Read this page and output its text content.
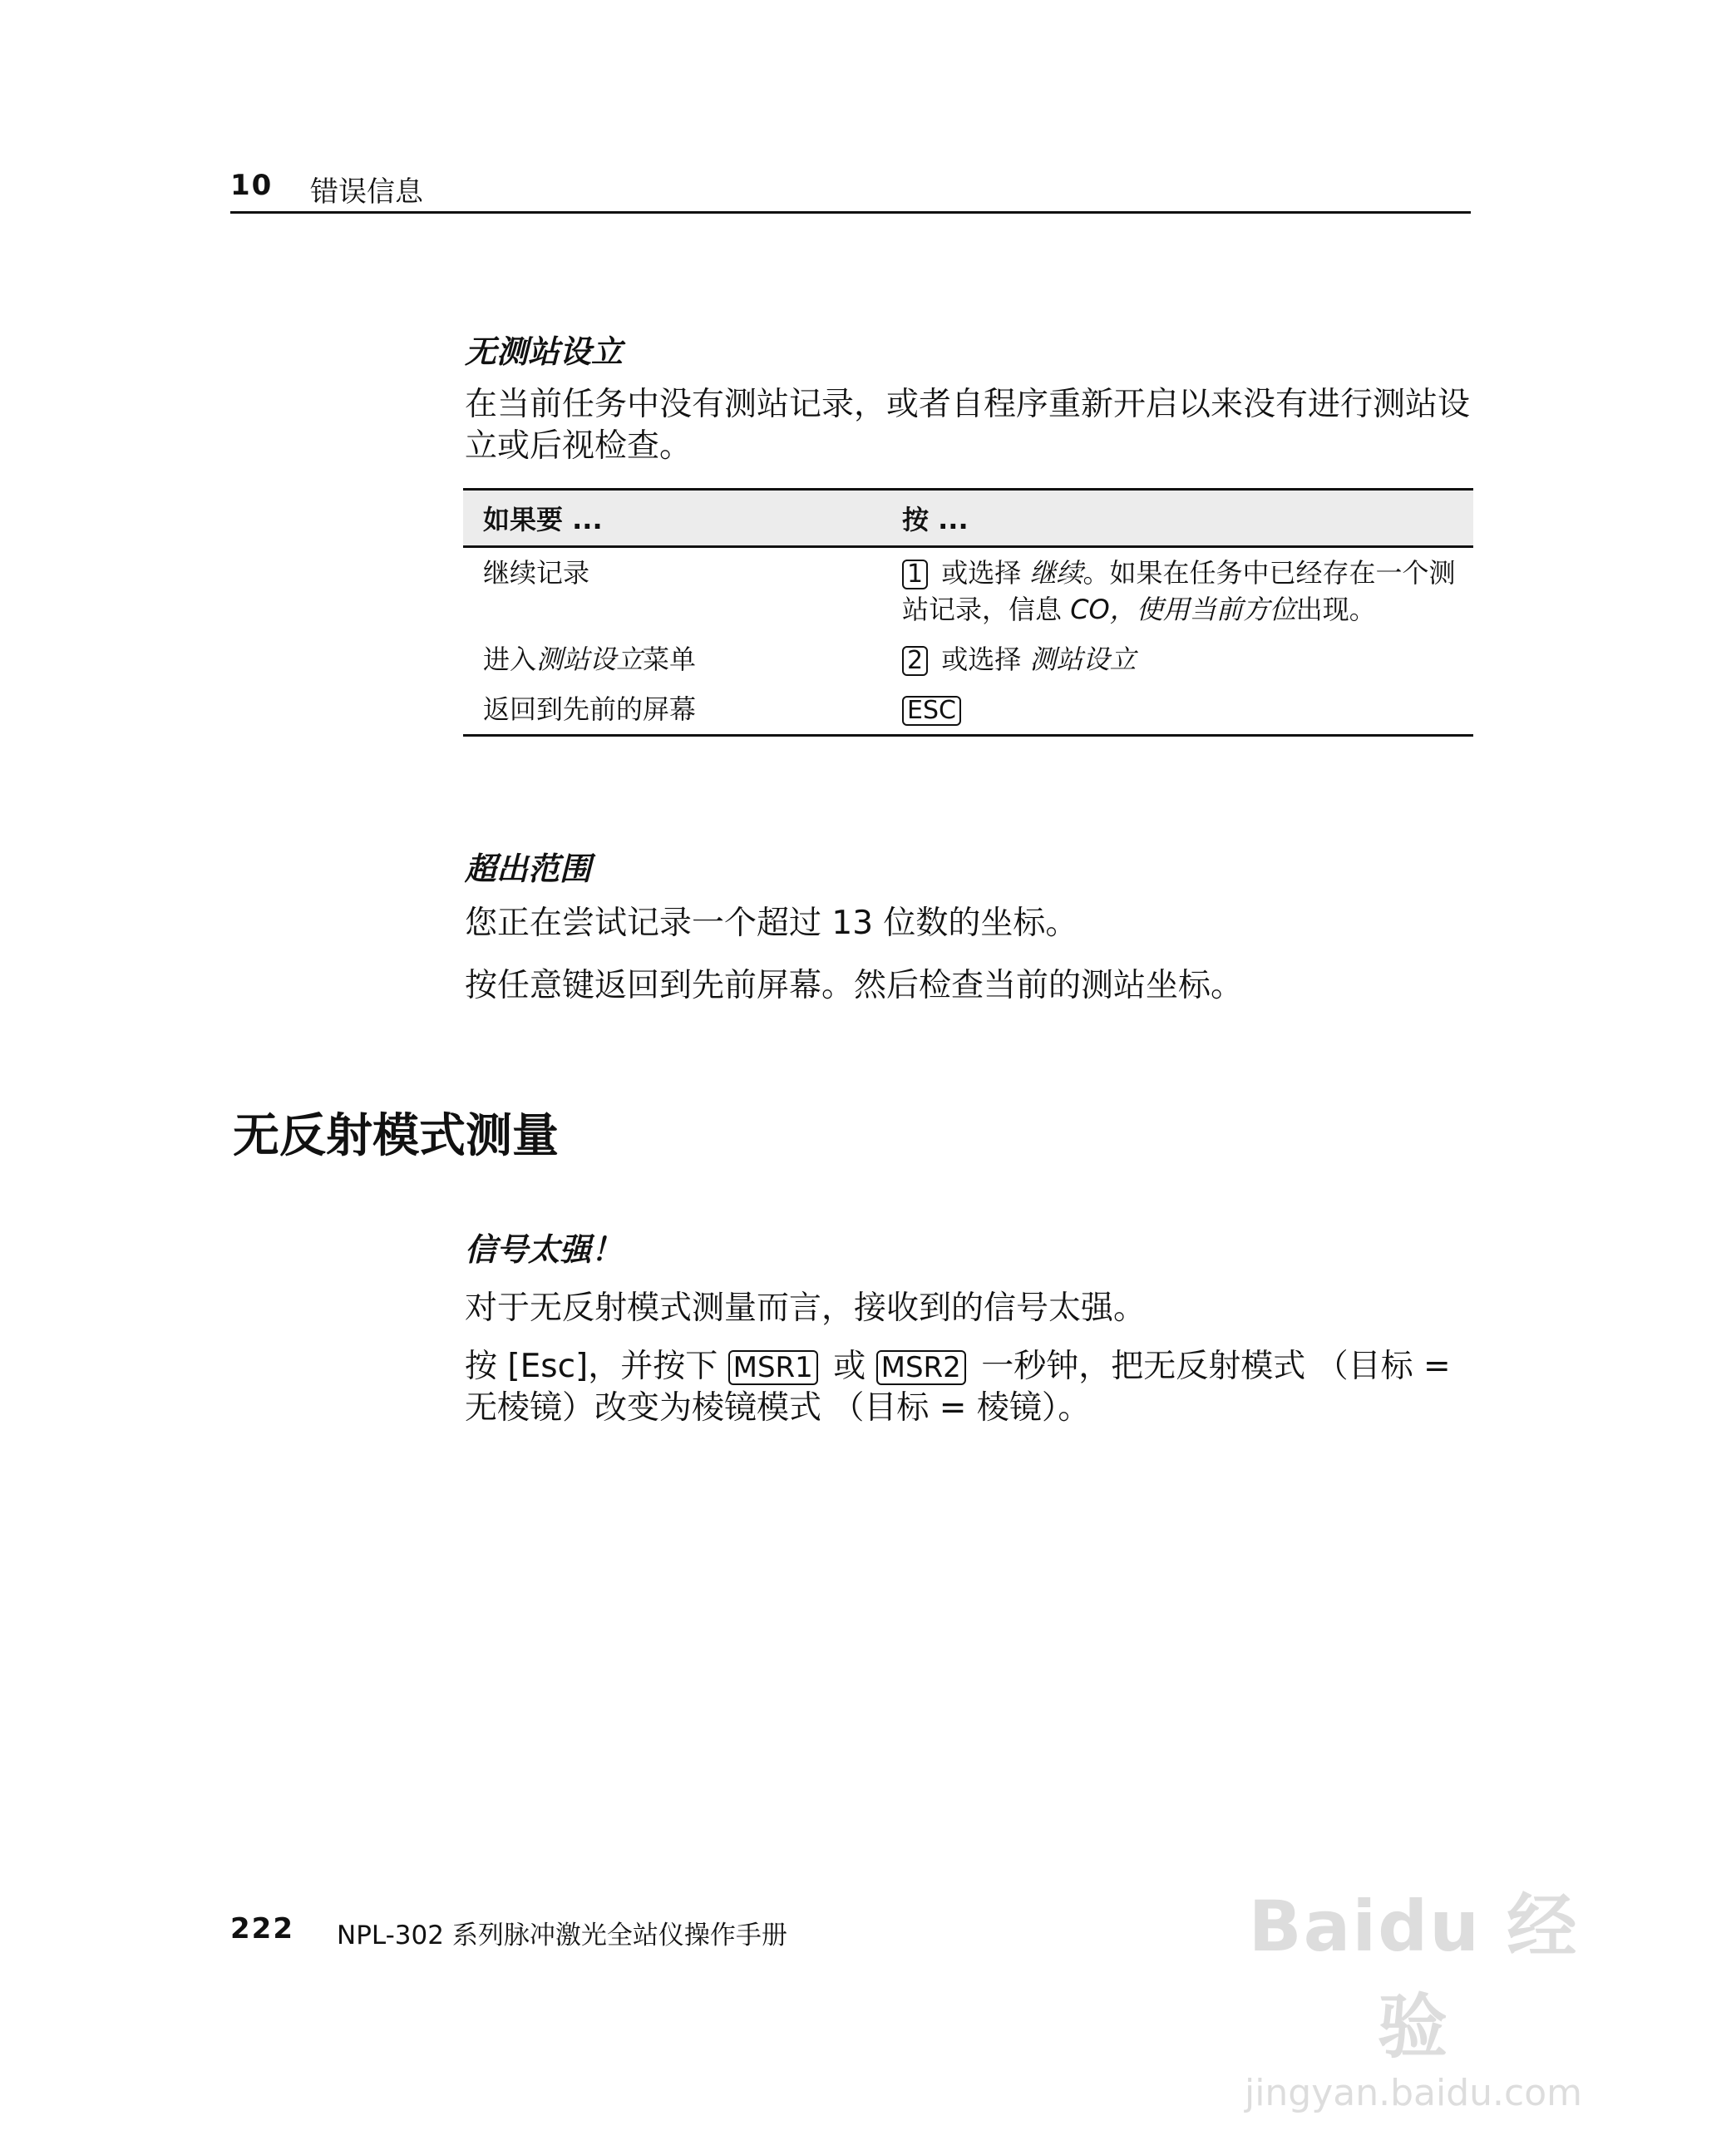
10 错误信息
无测站设立
在当前任务中没有测站记录，或者自程序重新开启以来没有进行测站设立或后视检查。
如果要 ...	按 ...
继续记录	1 或选择 继续。如果在任务中已经存在一个测站记录，信息 CO，使用当前方位出现。
进入测站设立菜单	2 或选择 测站设立
返回到先前的屏幕	ESC
超出范围
您正在尝试记录一个超过 13 位数的坐标。
按任意键返回到先前屏幕。然后检查当前的测站坐标。
无反射模式测量
信号太强！
对于无反射模式测量而言，接收到的信号太强。
按 [Esc]，并按下 MSR1 或 MSR2 一秒钟，把无反射模式 （目标 = 无棱镜）改变为棱镜模式 （目标 = 棱镜）。
222 NPL-302 系列脉冲激光全站仪操作手册	Baidu 经验
jingyan.baidu.com
